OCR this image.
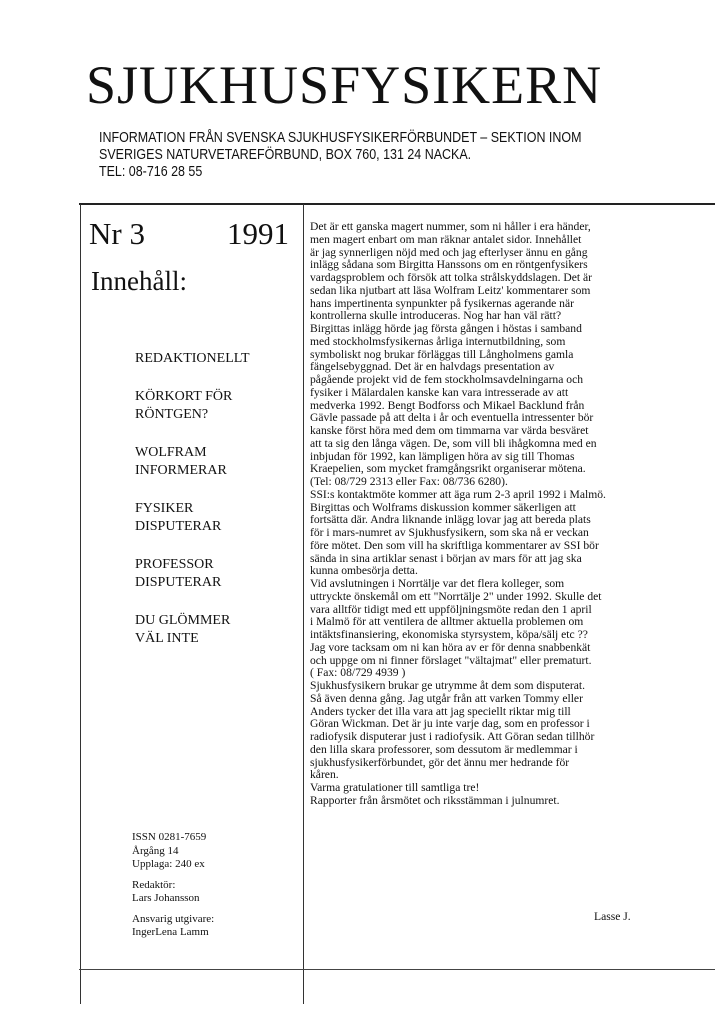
SJUKHUSFYSIKERN
INFORMATION FRÅN SVENSKA SJUKHUSFYSIKERFÖRBUNDET – SEKTION INOM
SVERIGES NATURVETAREFÖRBUND, BOX 760, 131 24 NACKA.
TEL: 08-716 28 55
Nr 3	1991
Innehåll:
REDAKTIONELLT
KÖRKORT FÖR
RÖNTGEN?
WOLFRAM
INFORMERAR
FYSIKER
DISPUTERAR
PROFESSOR
DISPUTERAR
DU GLÖMMER
VÄL INTE
ISSN 0281-7659
Årgång 14
Upplaga: 240 ex
Redaktör:
Lars Johansson
Ansvarig utgivare:
IngerLena Lamm
Det är ett ganska magert nummer, som ni håller i era händer,
men magert enbart om man räknar antalet sidor. Innehållet
är jag synnerligen nöjd med och jag efterlyser ännu en gång
inlägg sådana som Birgitta Hanssons om en röntgenfysikers
vardagsproblem och försök att tolka strålskyddslagen. Det är
sedan lika njutbart att läsa Wolfram Leitz' kommentarer som
hans impertinenta synpunkter på fysikernas agerande när
kontrollerna skulle introduceras. Nog har han väl rätt?
Birgittas inlägg hörde jag första gången i höstas i samband
med stockholmsfysikernas årliga internutbildning, som
symboliskt nog brukar förläggas till Långholmens gamla
fängelsebyggnad. Det är en halvdags presentation av
pågående projekt vid de fem stockholmsavdelningarna och
fysiker i Mälardalen kanske kan vara intresserade av att
medverka 1992. Bengt Bodforss och Mikael Backlund från
Gävle passade på att delta i år och eventuella intressenter bör
kanske först höra med dem om timmarna var värda besväret
att ta sig den långa vägen. De, som vill bli ihågkomna med en
inbjudan för 1992, kan lämpligen höra av sig till Thomas
Kraepelien, som mycket framgångsrikt organiserar mötena.
(Tel: 08/729 2313 eller Fax: 08/736 6280).
SSI:s kontaktmöte kommer att äga rum 2-3 april 1992 i Malmö.
Birgittas och Wolframs diskussion kommer säkerligen att
fortsätta där. Andra liknande inlägg lovar jag att bereda plats
för i mars-numret av Sjukhusfysikern, som ska nå er veckan
före mötet. Den som vill ha skriftliga kommentarer av SSI bör
sända in sina artiklar senast i början av mars för att jag ska
kunna ombesörja detta.
Vid avslutningen i Norrtälje var det flera kolleger, som
uttryckte önskemål om ett "Norrtälje 2" under 1992. Skulle det
vara alltför tidigt med ett uppföljningsmöte redan den 1 april
i Malmö för att ventilera de alltmer aktuella problemen om
intäktsfinansiering, ekonomiska styrsystem, köpa/sälj etc ??
Jag vore tacksam om ni kan höra av er för denna snabbenkät
och uppge om ni finner förslaget "vältajmat" eller prematurt.
( Fax: 08/729 4939 )
Sjukhusfysikern brukar ge utrymme åt dem som disputerat.
Så även denna gång. Jag utgår från att varken Tommy eller
Anders tycker det illa vara att jag speciellt riktar mig till
Göran Wickman. Det är ju inte varje dag, som en professor i
radiofysik disputerar just i radiofysik. Att Göran sedan tillhör
den lilla skara professorer, som dessutom är medlemmar i
sjukhusfysikerförbundet, gör det ännu mer hedrande för
kåren.
Varma gratulationer till samtliga tre!
Rapporter från årsmötet och riksstämman i julnumret.
Lasse J.
